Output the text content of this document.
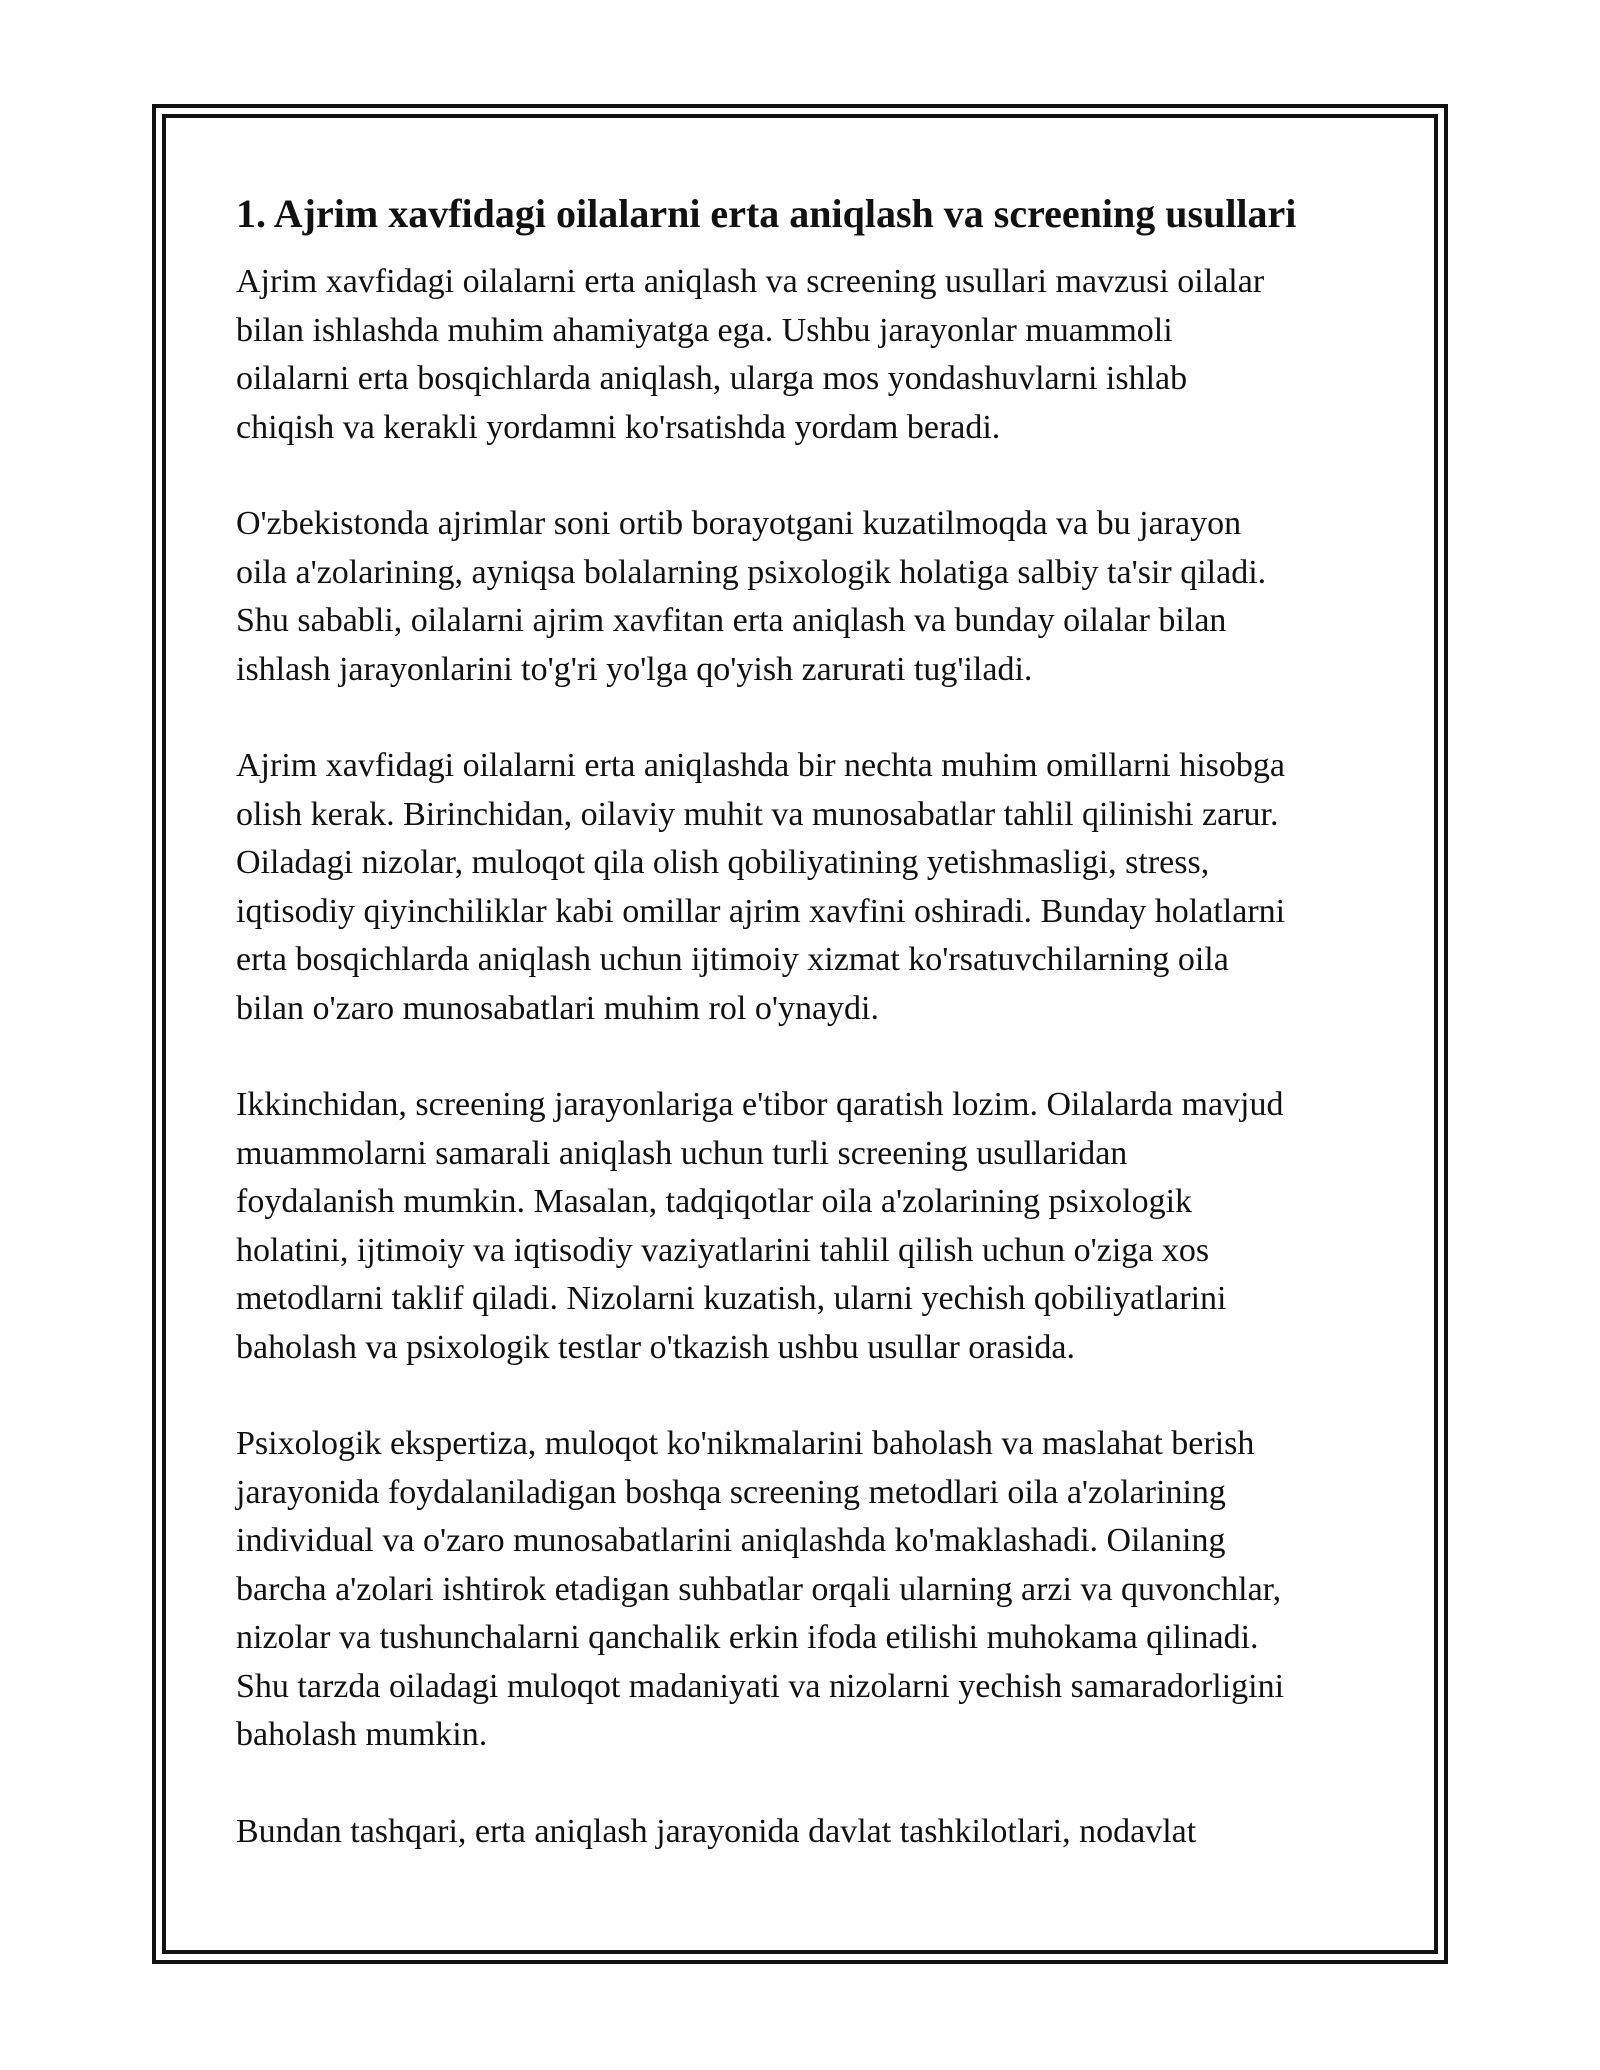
1. Ajrim xavfidagi oilalarni erta aniqlash va screening usullari

Ajrim xavfidagi oilalarni erta aniqlash va screening usullari mavzusi oilalar
bilan ishlashda muhim ahamiyatga ega. Ushbu jarayonlar muammoli
oilalarni erta bosqichlarda aniqlash, ularga mos yondashuvlarni ishlab
chiqish va kerakli yordamni ko'rsatishda yordam beradi.

O'zbekistonda ajrimlar soni ortib borayotgani kuzatilmoqda va bu jarayon
oila a'zolarining, ayniqsa bolalarning psixologik holatiga salbiy ta'sir qiladi.
Shu sababli, oilalarni ajrim xavfitan erta aniqlash va bunday oilalar bilan
ishlash jarayonlarini to'g'ri yo'lga qo'yish zarurati tug'iladi.

Ajrim xavfidagi oilalarni erta aniqlashda bir nechta muhim omillarni hisobga
olish kerak. Birinchidan, oilaviy muhit va munosabatlar tahlil qilinishi zarur.
Oiladagi nizolar, muloqot qila olish qobiliyatining yetishmasligi, stress,
iqtisodiy qiyinchiliklar kabi omillar ajrim xavfini oshiradi. Bunday holatlarni
erta bosqichlarda aniqlash uchun ijtimoiy xizmat ko'rsatuvchilarning oila
bilan o'zaro munosabatlari muhim rol o'ynaydi.

Ikkinchidan, screening jarayonlariga e'tibor qaratish lozim. Oilalarda mavjud
muammolarni samarali aniqlash uchun turli screening usullaridan
foydalanish mumkin. Masalan, tadqiqotlar oila a'zolarining psixologik
holatini, ijtimoiy va iqtisodiy vaziyatlarini tahlil qilish uchun o'ziga xos
metodlarni taklif qiladi. Nizolarni kuzatish, ularni yechish qobiliyatlarini
baholash va psixologik testlar o'tkazish ushbu usullar orasida.

Psixologik ekspertiza, muloqot ko'nikmalarini baholash va maslahat berish
jarayonida foydalaniladigan boshqa screening metodlari oila a'zolarining
individual va o'zaro munosabatlarini aniqlashda ko'maklashadi. Oilaning
barcha a'zolari ishtirok etadigan suhbatlar orqali ularning arzi va quvonchlar,
nizolar va tushunchalarni qanchalik erkin ifoda etilishi muhokama qilinadi.
Shu tarzda oiladagi muloqot madaniyati va nizolarni yechish samaradorligini
baholash mumkin.

Bundan tashqari, erta aniqlash jarayonida davlat tashkilotlari, nodavlat
